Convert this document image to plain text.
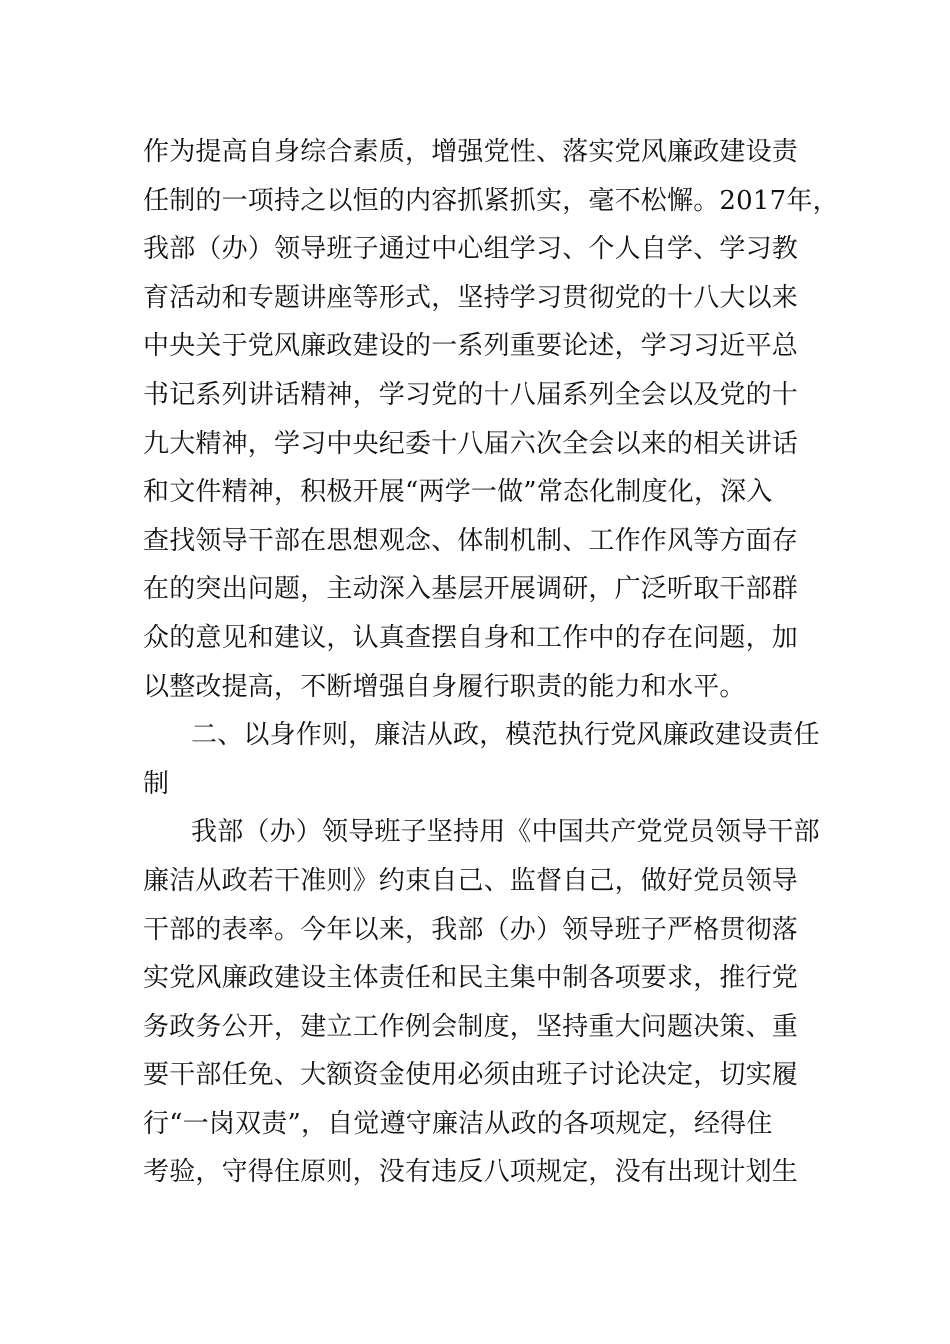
作为提高自身综合素质，增强党性、落实党风廉政建设责
任制的一项持之以恒的内容抓紧抓实，毫不松懈。2017年，
我部（办）领导班子通过中心组学习、个人自学、学习教
育活动和专题讲座等形式，坚持学习贯彻党的十八大以来
中央关于党风廉政建设的一系列重要论述，学习习近平总
书记系列讲话精神，学习党的十八届系列全会以及党的十
九大精神，学习中央纪委十八届六次全会以来的相关讲话
和文件精神，积极开展“两学一做”常态化制度化，深入
查找领导干部在思想观念、体制机制、工作作风等方面存
在的突出问题，主动深入基层开展调研，广泛听取干部群
众的意见和建议，认真查摆自身和工作中的存在问题，加
以整改提高，不断增强自身履行职责的能力和水平。
二、以身作则，廉洁从政，模范执行党风廉政建设责任
制
我部（办）领导班子坚持用《中国共产党党员领导干部
廉洁从政若干准则》约束自己、监督自己，做好党员领导
干部的表率。今年以来，我部（办）领导班子严格贯彻落
实党风廉政建设主体责任和民主集中制各项要求，推行党
务政务公开，建立工作例会制度，坚持重大问题决策、重
要干部任免、大额资金使用必须由班子讨论决定，切实履
行“一岗双责”，自觉遵守廉洁从政的各项规定，经得住
考验，守得住原则，没有违反八项规定，没有出现计划生
